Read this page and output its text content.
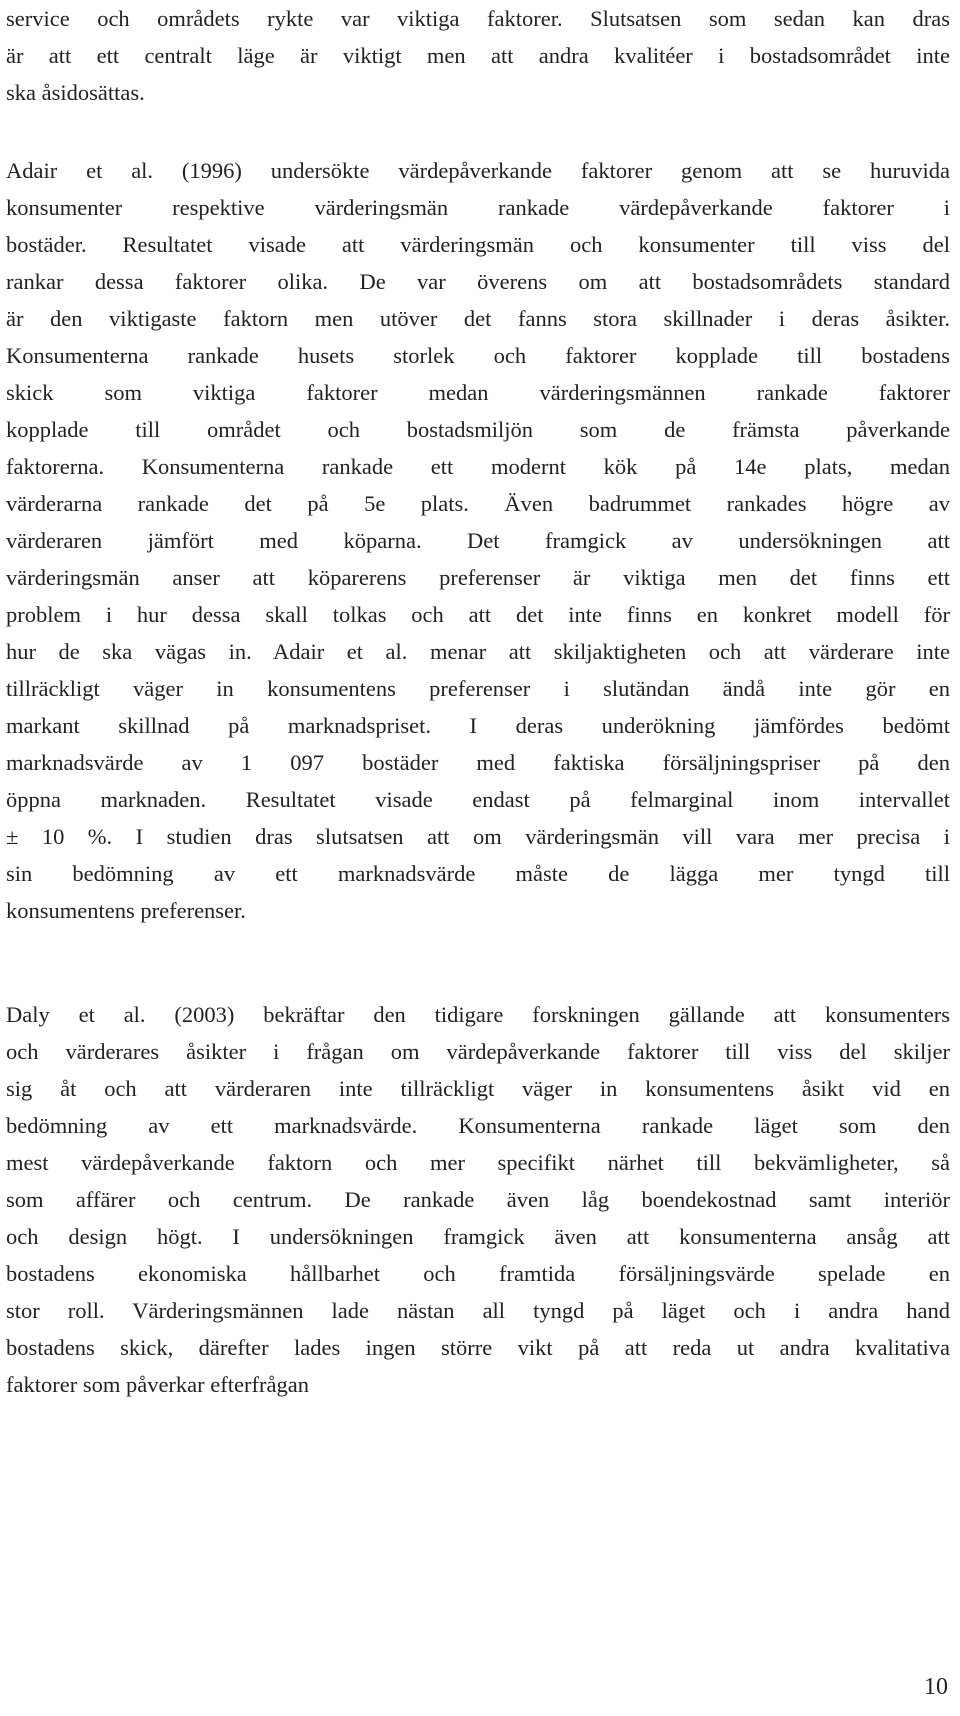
service och områdets rykte var viktiga faktorer. Slutsatsen som sedan kan dras
är att ett centralt läge är viktigt men att andra kvalitéer i bostadsområdet inte
ska åsidosättas.
Adair et al. (1996) undersökte värdepåverkande faktorer genom att se huruvida
konsumenter respektive värderingsmän rankade värdepåverkande faktorer i
bostäder. Resultatet visade att värderingsmän och konsumenter till viss del
rankar dessa faktorer olika. De var överens om att bostadsområdets standard
är den viktigaste faktorn men utöver det fanns stora skillnader i deras åsikter.
Konsumenterna rankade husets storlek och faktorer kopplade till bostadens
skick som viktiga faktorer medan värderingsmännen rankade faktorer
kopplade till området och bostadsmiljön som de främsta påverkande
faktorerna. Konsumenterna rankade ett modernt kök på 14e plats, medan
värderarna rankade det på 5e plats. Även badrummet rankades högre av
värderaren jämfört med köparna. Det framgick av undersökningen att
värderingsmän anser att köparerens preferenser är viktiga men det finns ett
problem i hur dessa skall tolkas och att det inte finns en konkret modell för
hur de ska vägas in. Adair et al. menar att skiljaktigheten och att värderare inte
tillräckligt väger in konsumentens preferenser i slutändan ändå inte gör en
markant skillnad på marknadspriset. I deras underökning jämfördes bedömt
marknadsvärde av 1 097 bostäder med faktiska försäljningspriser på den
öppna marknaden. Resultatet visade endast på felmarginal inom intervallet
± 10 %. I studien dras slutsatsen att om värderingsmän vill vara mer precisa i
sin bedömning av ett marknadsvärde måste de lägga mer tyngd till
konsumentens preferenser.
Daly et al. (2003) bekräftar den tidigare forskningen gällande att konsumenters
och värderares åsikter i frågan om värdepåverkande faktorer till viss del skiljer
sig åt och att värderaren inte tillräckligt väger in konsumentens åsikt vid en
bedömning av ett marknadsvärde. Konsumenterna rankade läget som den
mest värdepåverkande faktorn och mer specifikt närhet till bekvämligheter, så
som affärer och centrum. De rankade även låg boendekostnad samt interiör
och design högt. I undersökningen framgick även att konsumenterna ansåg att
bostadens ekonomiska hållbarhet och framtida försäljningsvärde spelade en
stor roll. Värderingsmännen lade nästan all tyngd på läget och i andra hand
bostadens skick, därefter lades ingen större vikt på att reda ut andra kvalitativa
faktorer som påverkar efterfrågan
10
